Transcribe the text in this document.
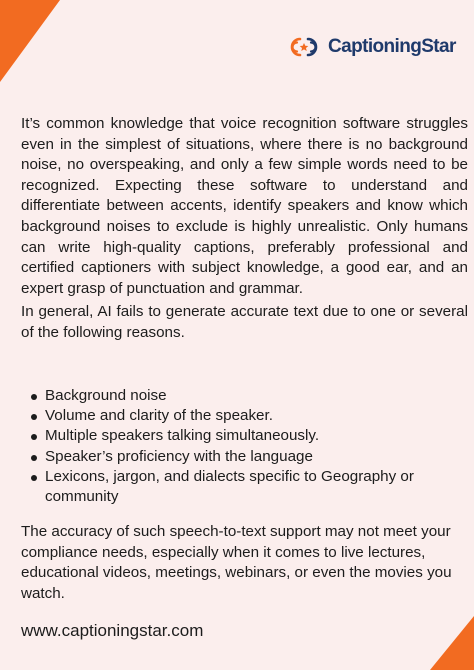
CaptioningStar

It’s common knowledge that voice recognition software struggles even in the simplest of situations, where there is no background noise, no overspeaking, and only a few simple words need to be recognized. Expecting these software to understand and differentiate between accents, identify speakers and know which background noises to exclude is highly unrealistic. Only humans can write high-quality captions, preferably professional and certified captioners with subject knowledge, a good ear, and an expert grasp of punctuation and grammar.

In general, AI fails to generate accurate text due to one or several of the following reasons.

Background noise
Volume and clarity of the speaker.
Multiple speakers talking simultaneously.
Speaker’s proficiency with the language
Lexicons, jargon, and dialects specific to Geography or community

The accuracy of such speech-to-text support may not meet your compliance needs, especially when it comes to live lectures, educational videos, meetings, webinars, or even the movies you watch.

www.captioningstar.com
